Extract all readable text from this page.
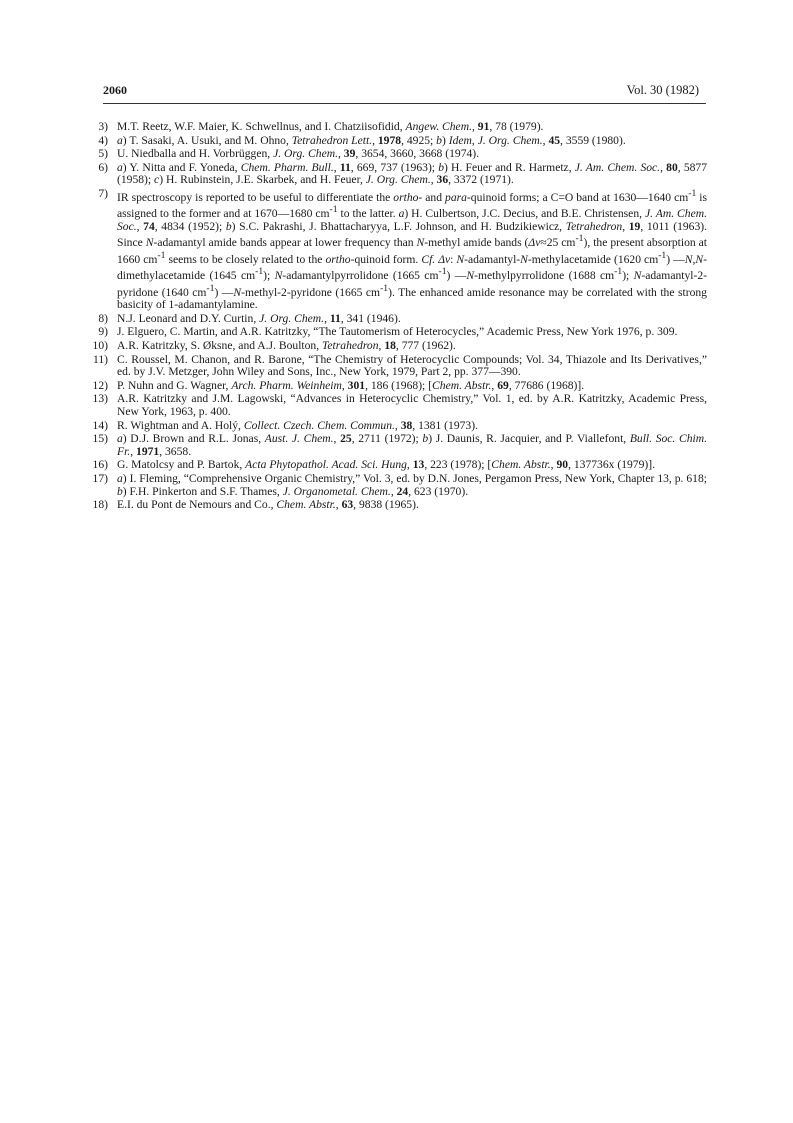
2060	Vol. 30 (1982)
3) M.T. Reetz, W.F. Maier, K. Schwellnus, and I. Chatziisofidid, Angew. Chem., 91, 78 (1979).
4) a) T. Sasaki, A. Usuki, and M. Ohno, Tetrahedron Lett., 1978, 4925; b) Idem, J. Org. Chem., 45, 3559 (1980).
5) U. Niedballa and H. Vorbrüggen, J. Org. Chem., 39, 3654, 3660, 3668 (1974).
6) a) Y. Nitta and F. Yoneda, Chem. Pharm. Bull., 11, 669, 737 (1963); b) H. Feuer and R. Harmetz, J. Am. Chem. Soc., 80, 5877 (1958); c) H. Rubinstein, J.E. Skarbek, and H. Feuer, J. Org. Chem., 36, 3372 (1971).
7) IR spectroscopy is reported to be useful to differentiate the ortho- and para-quinoid forms; a C=O band at 1630—1640 $cm^{-1}$ is assigned to the former and at 1670—1680 $cm^{-1}$ to the latter. a) H. Culbertson, J.C. Decius, and B.E. Christensen, J. Am. Chem. Soc., 74, 4834 (1952); b) S.C. Pakrashi, J. Bhattacharyya, L.F. Johnson, and H. Budzikiewicz, Tetrahedron, 19, 1011 (1963). Since N-adamantyl amide bands appear at lower frequency than N-methyl amide bands (Δν≈25 $cm^{-1}$), the present absorption at 1660 $cm^{-1}$ seems to be closely related to the ortho-quinoid form. Cf. Δν: N-adamantyl-N-methylacetamide (1620 $cm^{-1}$) —N,N-dimethylacetamide (1645 $cm^{-1}$); N-adamantylpyrrolidone (1665 $cm^{-1}$) —N-methylpyrrolidone (1688 $cm^{-1}$); N-adamantyl-2-pyridone (1640 $cm^{-1}$) —N-methyl-2-pyridone (1665 $cm^{-1}$). The enhanced amide resonance may be correlated with the strong basicity of 1-adamantylamine.
8) N.J. Leonard and D.Y. Curtin, J. Org. Chem., 11, 341 (1946).
9) J. Elguero, C. Martin, and A.R. Katritzky, “The Tautomerism of Heterocycles,” Academic Press, New York 1976, p. 309.
10) A.R. Katritzky, S. Øksne, and A.J. Boulton, Tetrahedron, 18, 777 (1962).
11) C. Roussel, M. Chanon, and R. Barone, “The Chemistry of Heterocyclic Compounds; Vol. 34, Thiazole and Its Derivatives,” ed. by J.V. Metzger, John Wiley and Sons, Inc., New York, 1979, Part 2, pp. 377—390.
12) P. Nuhn and G. Wagner, Arch. Pharm. Weinheim, 301, 186 (1968); [Chem. Abstr., 69, 77686 (1968)].
13) A.R. Katritzky and J.M. Lagowski, “Advances in Heterocyclic Chemistry,” Vol. 1, ed. by A.R. Katritzky, Academic Press, New York, 1963, p. 400.
14) R. Wightman and A. Holý, Collect. Czech. Chem. Commun., 38, 1381 (1973).
15) a) D.J. Brown and R.L. Jonas, Aust. J. Chem., 25, 2711 (1972); b) J. Daunis, R. Jacquier, and P. Viallefont, Bull. Soc. Chim. Fr., 1971, 3658.
16) G. Matolcsy and P. Bartok, Acta Phytopathol. Acad. Sci. Hung, 13, 223 (1978); [Chem. Abstr., 90, 137736x (1979)].
17) a) I. Fleming, “Comprehensive Organic Chemistry,” Vol. 3, ed. by D.N. Jones, Pergamon Press, New York, Chapter 13, p. 618; b) F.H. Pinkerton and S.F. Thames, J. Organometal. Chem., 24, 623 (1970).
18) E.I. du Pont de Nemours and Co., Chem. Abstr., 63, 9838 (1965).
